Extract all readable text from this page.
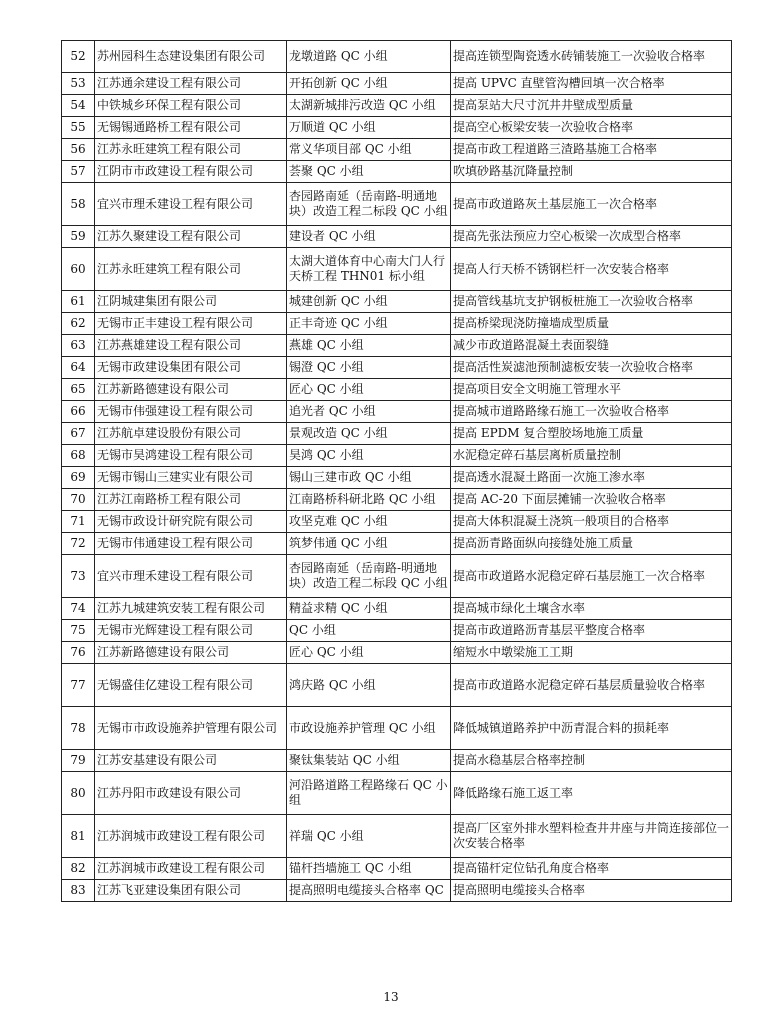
52	苏州园科生态建设集团有限公司	龙墩道路 QC 小组	提高连锁型陶瓷透水砖铺装施工一次验收合格率
53	江苏通余建设工程有限公司	开拓创新 QC 小组	提高 UPVC 直壁管沟槽回填一次合格率
54	中铁城乡环保工程有限公司	太湖新城排污改造 QC 小组	提高泵站大尺寸沉井井壁成型质量
55	无锡锡通路桥工程有限公司	万顺道 QC 小组	提高空心板梁安装一次验收合格率
56	江苏永旺建筑工程有限公司	常义华项目部 QC 小组	提高市政工程道路三渣路基施工合格率
57	江阴市市政建设工程有限公司	荟聚 QC 小组	吹填砂路基沉降量控制
58	宜兴市理禾建设工程有限公司	杏园路南延（岳南路-明通地块）改造工程二标段 QC 小组	提高市政道路灰土基层施工一次合格率
59	江苏久聚建设工程有限公司	建设者 QC 小组	提高先张法预应力空心板梁一次成型合格率
60	江苏永旺建筑工程有限公司	太湖大道体育中心南大门人行天桥工程 THN01 标小组	提高人行天桥不锈钢栏杆一次安装合格率
61	江阴城建集团有限公司	城建创新 QC 小组	提高管线基坑支护钢板桩施工一次验收合格率
62	无锡市正丰建设工程有限公司	正丰奇迹 QC 小组	提高桥梁现浇防撞墙成型质量
63	江苏燕雄建设工程有限公司	燕雄 QC 小组	减少市政道路混凝土表面裂缝
64	无锡市政建设集团有限公司	锡澄 QC 小组	提高活性炭滤池预制滤板安装一次验收合格率
65	江苏新路德建设有限公司	匠心 QC 小组	提高项目安全文明施工管理水平
66	无锡市伟强建设工程有限公司	追光者 QC 小组	提高城市道路路缘石施工一次验收合格率
67	江苏航卓建设股份有限公司	景观改造 QC 小组	提高 EPDM 复合塑胶场地施工质量
68	无锡市昊鸿建设工程有限公司	昊鸿 QC 小组	水泥稳定碎石基层离析质量控制
69	无锡市锡山三建实业有限公司	锡山三建市政 QC 小组	提高透水混凝土路面一次施工渗水率
70	江苏江南路桥工程有限公司	江南路桥科研北路 QC 小组	提高 AC-20 下面层摊铺一次验收合格率
71	无锡市政设计研究院有限公司	攻坚克难 QC 小组	提高大体积混凝土浇筑一般项目的合格率
72	无锡市伟通建设工程有限公司	筑梦伟通 QC 小组	提高沥青路面纵向接缝处施工质量
73	宜兴市理禾建设工程有限公司	杏园路南延（岳南路-明通地块）改造工程二标段 QC 小组	提高市政道路水泥稳定碎石基层施工一次合格率
74	江苏九城建筑安装工程有限公司	精益求精 QC 小组	提高城市绿化土壤含水率
75	无锡市光辉建设工程有限公司	QC 小组	提高市政道路沥青基层平整度合格率
76	江苏新路德建设有限公司	匠心 QC 小组	缩短水中墩梁施工工期
77	无锡盛佳亿建设工程有限公司	鸿庆路 QC 小组	提高市政道路水泥稳定碎石基层质量验收合格率
78	无锡市市政设施养护管理有限公司	市政设施养护管理 QC 小组	降低城镇道路养护中沥青混合料的损耗率
79	江苏安基建设有限公司	聚钛集装站 QC 小组	提高水稳基层合格率控制
80	江苏丹阳市政建设有限公司	河沿路道路工程路缘石 QC 小组	降低路缘石施工返工率
81	江苏润城市政建设工程有限公司	祥瑞 QC 小组	提高厂区室外排水塑料检查井井座与井筒连接部位一次安装合格率
82	江苏润城市政建设工程有限公司	锚杆挡墙施工 QC 小组	提高锚杆定位钻孔角度合格率
83	江苏飞亚建设集团有限公司	提高照明电缆接头合格率 QC	提高照明电缆接头合格率
13
